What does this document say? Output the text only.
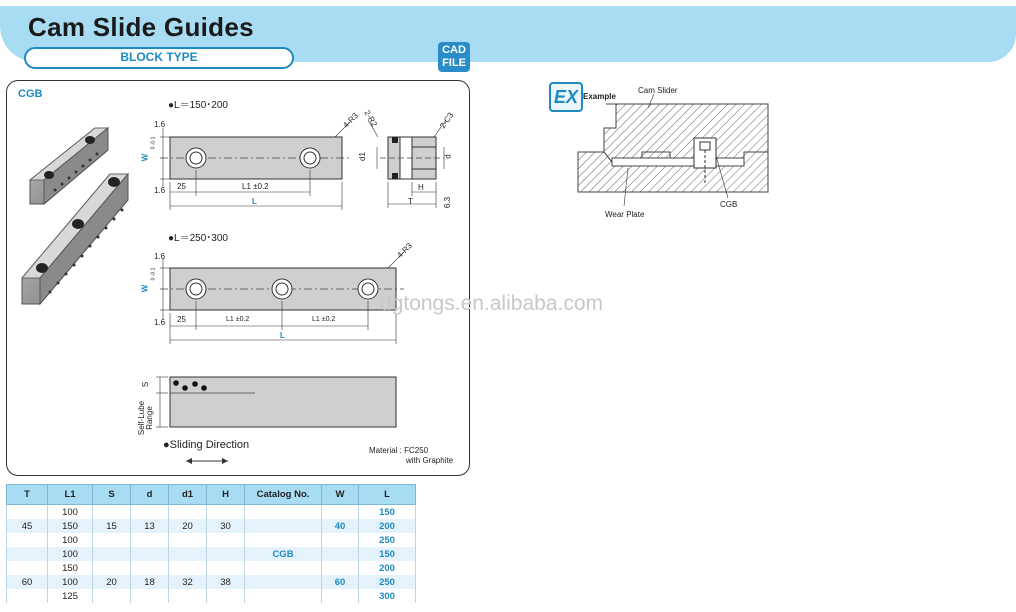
Cam Slide Guides
BLOCK TYPE	CAD
FILE
CGB
●L＝150･200
●L＝250･300
4-R3 2-R2	2-C3
1.6
1.6
W
0 -0.1
25	L1 ±0.2
L
d1	d
H
T	6.3
4-R3
1.6
1.6
W
0 -0.1
25	L1 ±0.2	L1 ±0.2
L
S
Self-Lube Range
●Sliding Direction	Material : FC250
with Graphite
EX Example
Cam Slider
Wear Plate
CGB
dgtongs.en.alibaba.com
T	L1	S	d	d1	H	Catalog No.	W	L
	100							150
45	150	15	13	20	30		40	200
	100							250
	100					CGB		150
	150							200
60	100	20	18	32	38		60	250
	125							300
